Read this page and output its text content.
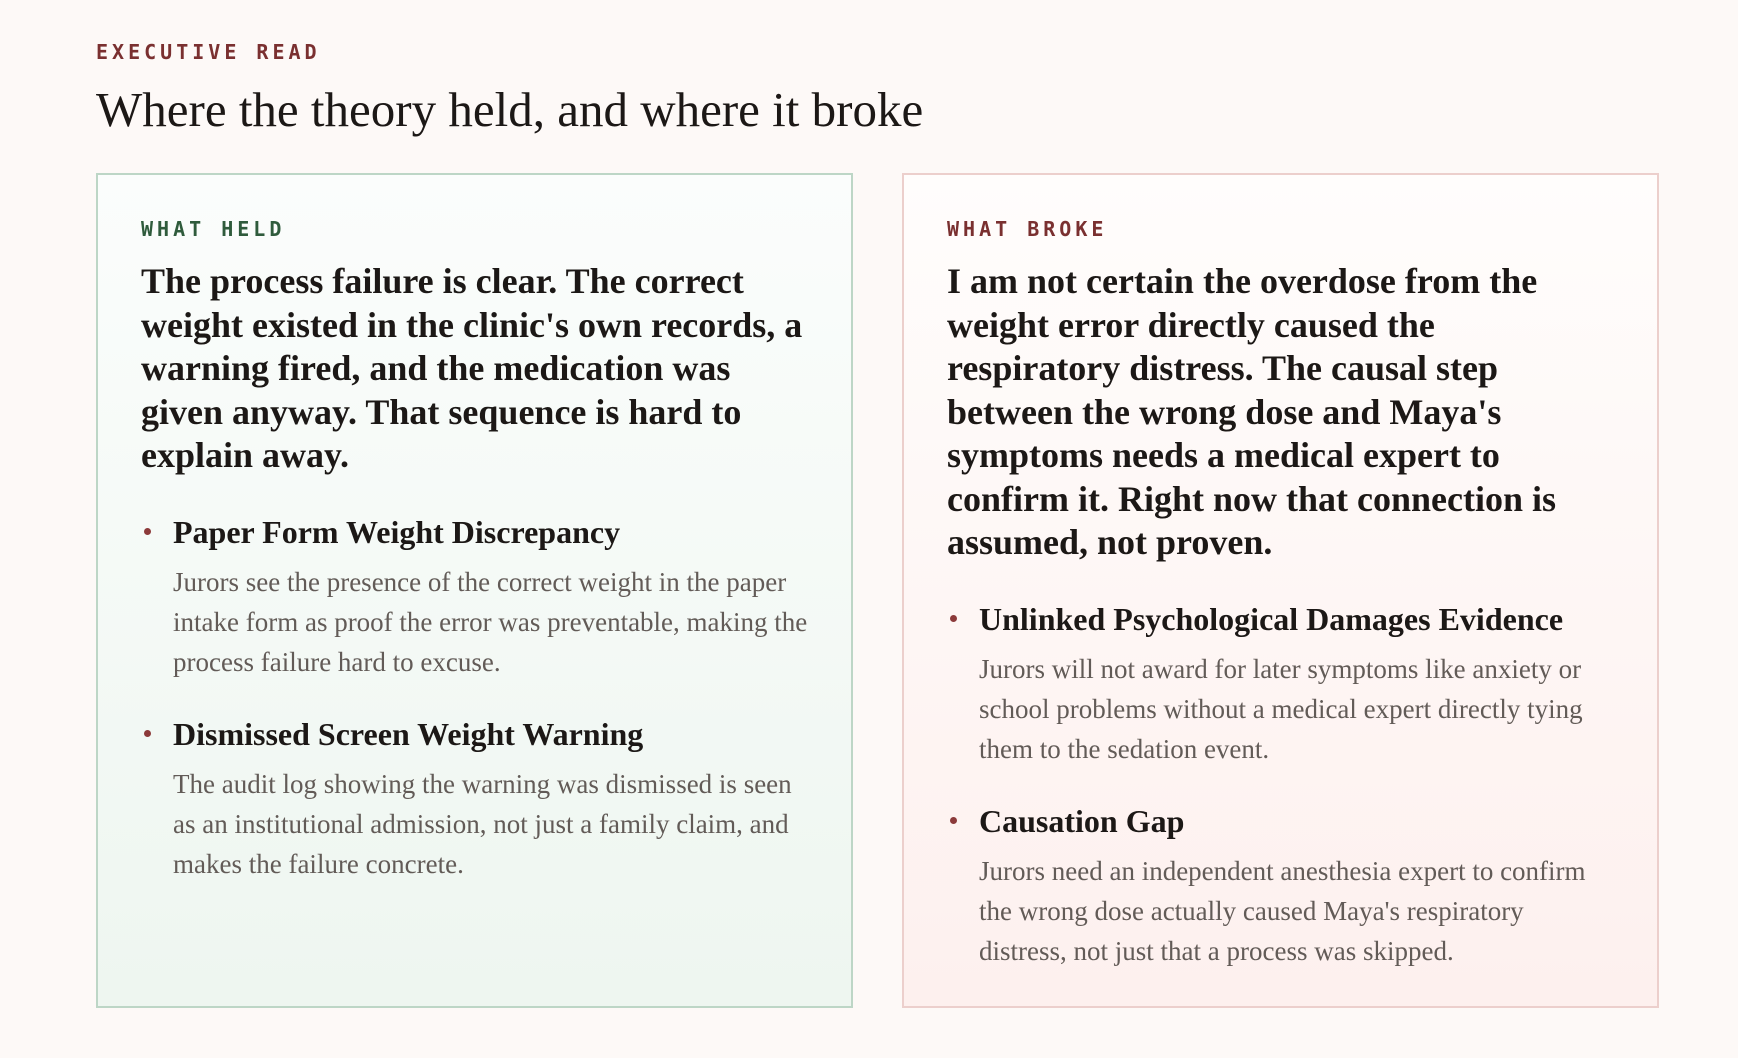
EXECUTIVE READ

Where the theory held, and where it broke

WHAT HELD

The process failure is clear. The correct weight existed in the clinic's own records, a warning fired, and the medication was given anyway. That sequence is hard to explain away.

Paper Form Weight Discrepancy

Jurors see the presence of the correct weight in the paper intake form as proof the error was preventable, making the process failure hard to excuse.

Dismissed Screen Weight Warning

The audit log showing the warning was dismissed is seen as an institutional admission, not just a family claim, and makes the failure concrete.

WHAT BROKE

I am not certain the overdose from the weight error directly caused the respiratory distress. The causal step between the wrong dose and Maya's symptoms needs a medical expert to confirm it. Right now that connection is assumed, not proven.

Unlinked Psychological Damages Evidence

Jurors will not award for later symptoms like anxiety or school problems without a medical expert directly tying them to the sedation event.

Causation Gap

Jurors need an independent anesthesia expert to confirm the wrong dose actually caused Maya's respiratory distress, not just that a process was skipped.
